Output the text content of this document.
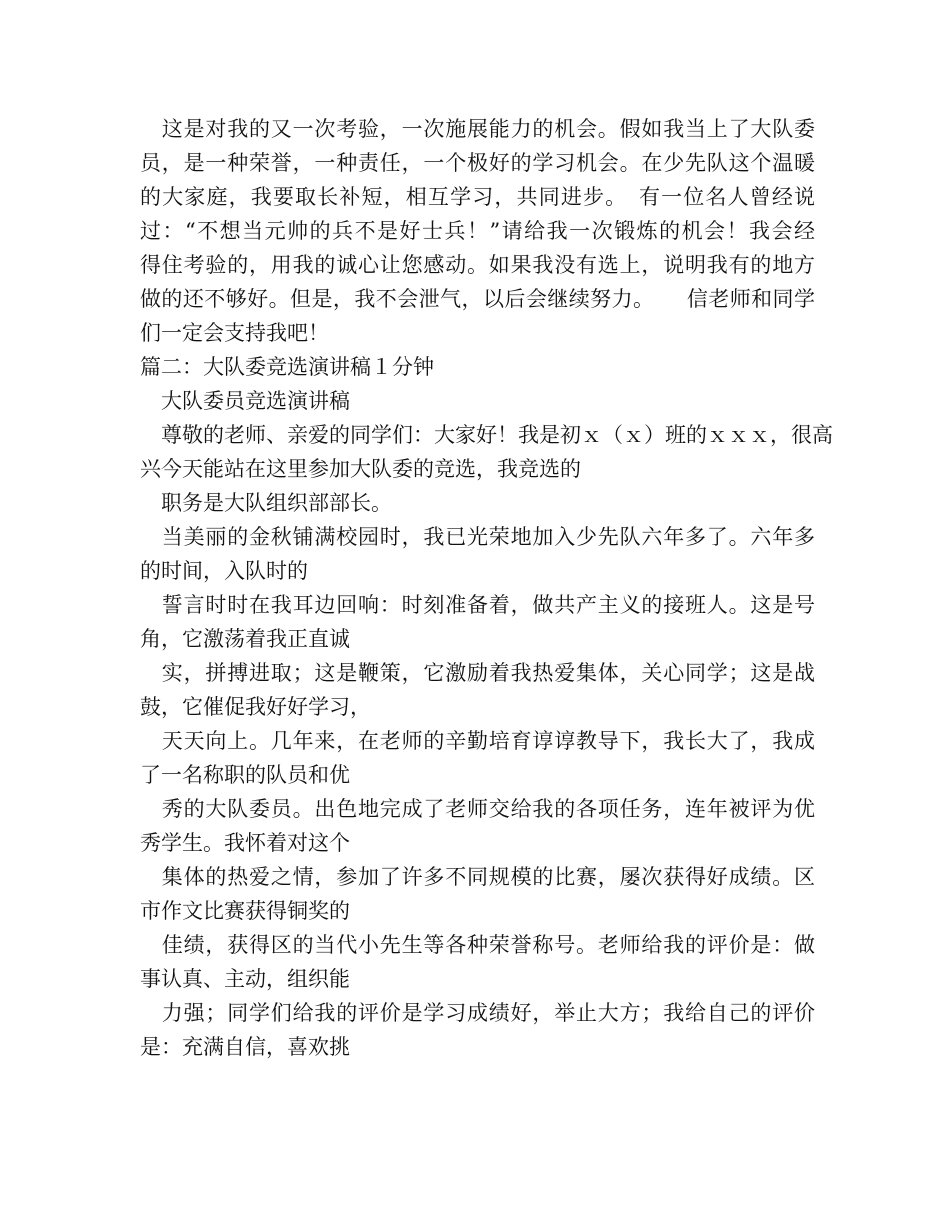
　这是对我的又一次考验，一次施展能力的机会。假如我当上了大队委
员，是一种荣誉，一种责任，一个极好的学习机会。在少先队这个温暖
的大家庭，我要取长补短，相互学习，共同进步。　有一位名人曾经说
过：“不想当元帅的兵不是好士兵！”请给我一次锻炼的机会！我会经
得住考验的，用我的诚心让您感动。如果我没有选上，说明我有的地方
做的还不够好。但是，我不会泄气，以后会继续努力。　　信老师和同学
们一定会支持我吧！
篇二：大队委竞选演讲稿１分钟
　大队委员竞选演讲稿
　尊敬的老师、亲爱的同学们：大家好！我是初ｘ（ｘ）班的ｘｘｘ，很高
兴今天能站在这里参加大队委的竞选，我竞选的
　职务是大队组织部部长。
　当美丽的金秋铺满校园时，我已光荣地加入少先队六年多了。六年多
的时间，入队时的
　誓言时时在我耳边回响：时刻准备着，做共产主义的接班人。这是号
角，它激荡着我正直诚
　实，拼搏进取；这是鞭策，它激励着我热爱集体，关心同学；这是战
鼓，它催促我好好学习，
　天天向上。几年来，在老师的辛勤培育谆谆教导下，我长大了，我成
了一名称职的队员和优
　秀的大队委员。出色地完成了老师交给我的各项任务，连年被评为优
秀学生。我怀着对这个
　集体的热爱之情，参加了许多不同规模的比赛，屡次获得好成绩。区
市作文比赛获得铜奖的
　佳绩，获得区的当代小先生等各种荣誉称号。老师给我的评价是：做
事认真、主动，组织能
　力强；同学们给我的评价是学习成绩好，举止大方；我给自己的评价
是：充满自信，喜欢挑
